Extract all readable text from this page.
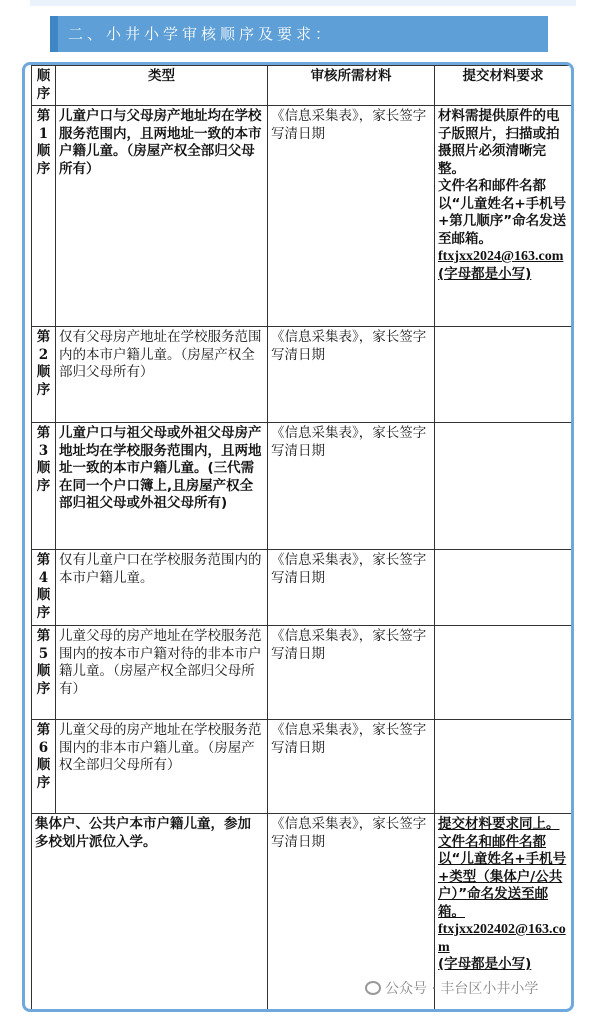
二、小井小学审核顺序及要求：
顺序	类型	审核所需材料	提交材料要求
第1顺序	儿童户口与父母房产地址均在学校服务范围内，且两地址一致的本市户籍儿童。（房屋产权全部归父母所有）	《信息采集表》，家长签字写清日期	材料需提供原件的电子版照片，扫描或拍摄照片必须清晰完整。
文件名和邮件名都以“儿童姓名+手机号+第几顺序”命名发送至邮箱。
ftxjxx2024@163.com
(字母都是小写)

第2顺序	仅有父母房产地址在学校服务范围内的本市户籍儿童。（房屋产权全部归父母所有）	《信息采集表》，家长签字写清日期	
第3顺序	儿童户口与祖父母或外祖父母房产地址均在学校服务范围内，且两地址一致的本市户籍儿童。(三代需在同一个户口簿上,且房屋产权全部归祖父母或外祖父母所有)	《信息采集表》，家长签字写清日期	
第4顺序	仅有儿童户口在学校服务范围内的本市户籍儿童。	《信息采集表》，家长签字写清日期	
第5顺序	儿童父母的房产地址在学校服务范围内的按本市户籍对待的非本市户籍儿童。（房屋产权全部归父母所有）	《信息采集表》，家长签字写清日期	
第6顺序	儿童父母的房产地址在学校服务范围内的非本市户籍儿童。（房屋产权全部归父母所有）	《信息采集表》，家长签字写清日期	
集体户、公共户本市户籍儿童，参加多校划片派位入学。		《信息采集表》，家长签字写清日期	提交材料要求同上。
文件名和邮件名都以“儿童姓名+手机号+类型（集体户/公共户）”命名发送至邮箱。
ftxjxx202402@163.com
(字母都是小写)
公众号 · 丰台区小井小学
